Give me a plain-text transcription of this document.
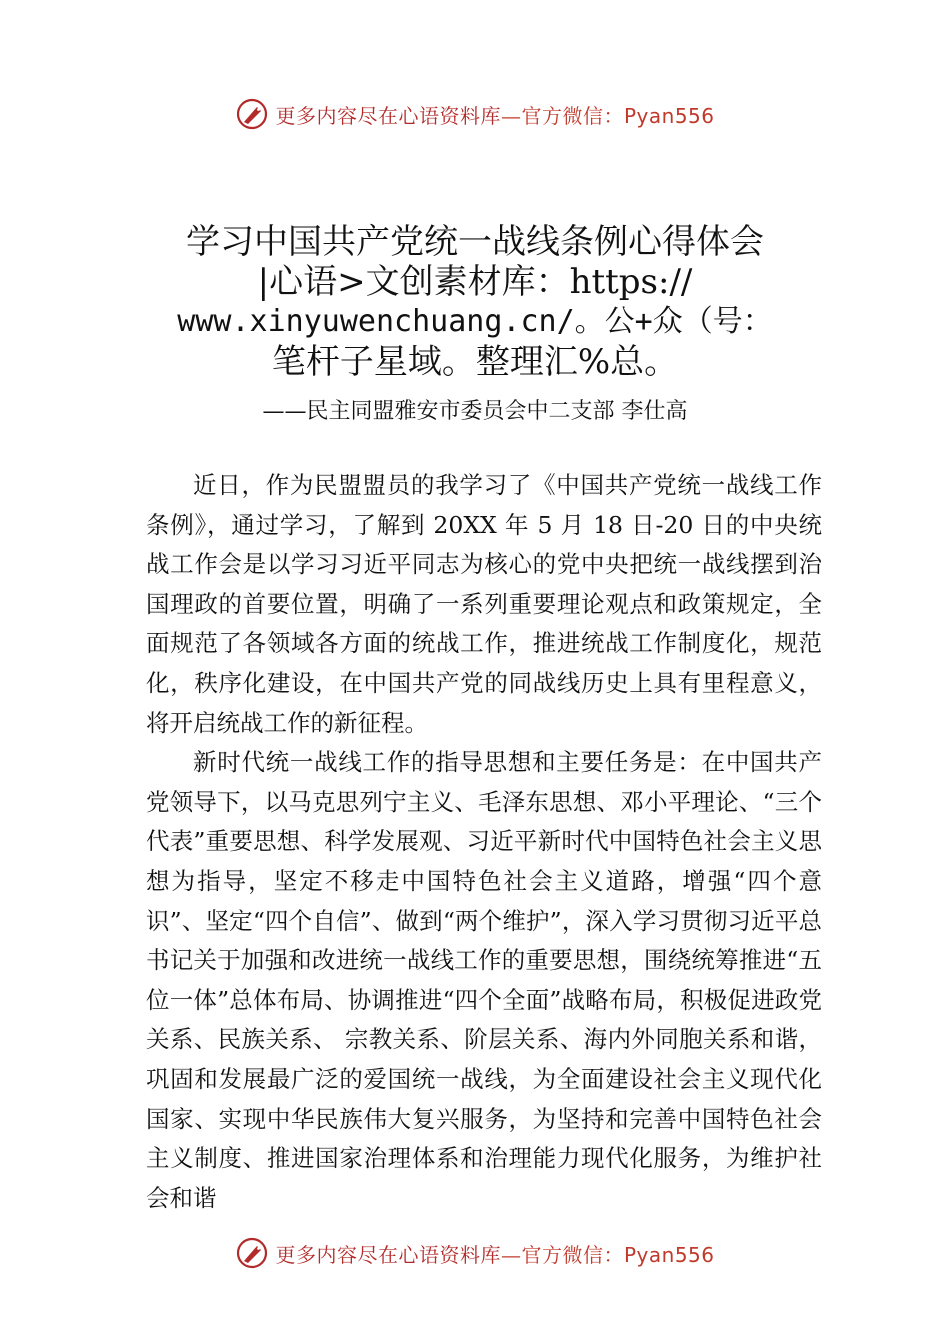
更多内容尽在心语资料库—官方微信：Pyan556
学习中国共产党统一战线条例心得体会
|心语>文创素材库：https://
www.xinyuwenchuang.cn/。公+众（号：
笔杆子星域。整理汇%总。
——民主同盟雅安市委员会中二支部 李仕高

近日，作为民盟盟员的我学习了《中国共产党统一战线工作条例》，通过学习，了解到 20XX 年 5 月 18 日-20 日的中央统战工作会是以学习习近平同志为核心的党中央把统一战线摆到治国理政的首要位置，明确了一系列重要理论观点和政策规定，全面规范了各领域各方面的统战工作，推进统战工作制度化，规范化，秩序化建设，在中国共产党的同战线历史上具有里程意义，将开启统战工作的新征程。

新时代统一战线工作的指导思想和主要任务是：在中国共产党领导下，以马克思列宁主义、毛泽东思想、邓小平理论、“三个代表”重要思想、科学发展观、习近平新时代中国特色社会主义思想为指导，坚定不移走中国特色社会主义道路，增强“四个意识”、坚定“四个自信”、做到“两个维护”，深入学习贯彻习近平总书记关于加强和改进统一战线工作的重要思想，围绕统筹推进“五位一体”总体布局、协调推进“四个全面”战略布局，积极促进政党关系、民族关系、 宗教关系、阶层关系、海内外同胞关系和谐，巩固和发展最广泛的爱国统一战线，为全面建设社会主义现代化国家、实现中华民族伟大复兴服务，为坚持和完善中国特色社会主义制度、推进国家治理体系和治理能力现代化服务，为维护社会和谐

更多内容尽在心语资料库—官方微信：Pyan556
